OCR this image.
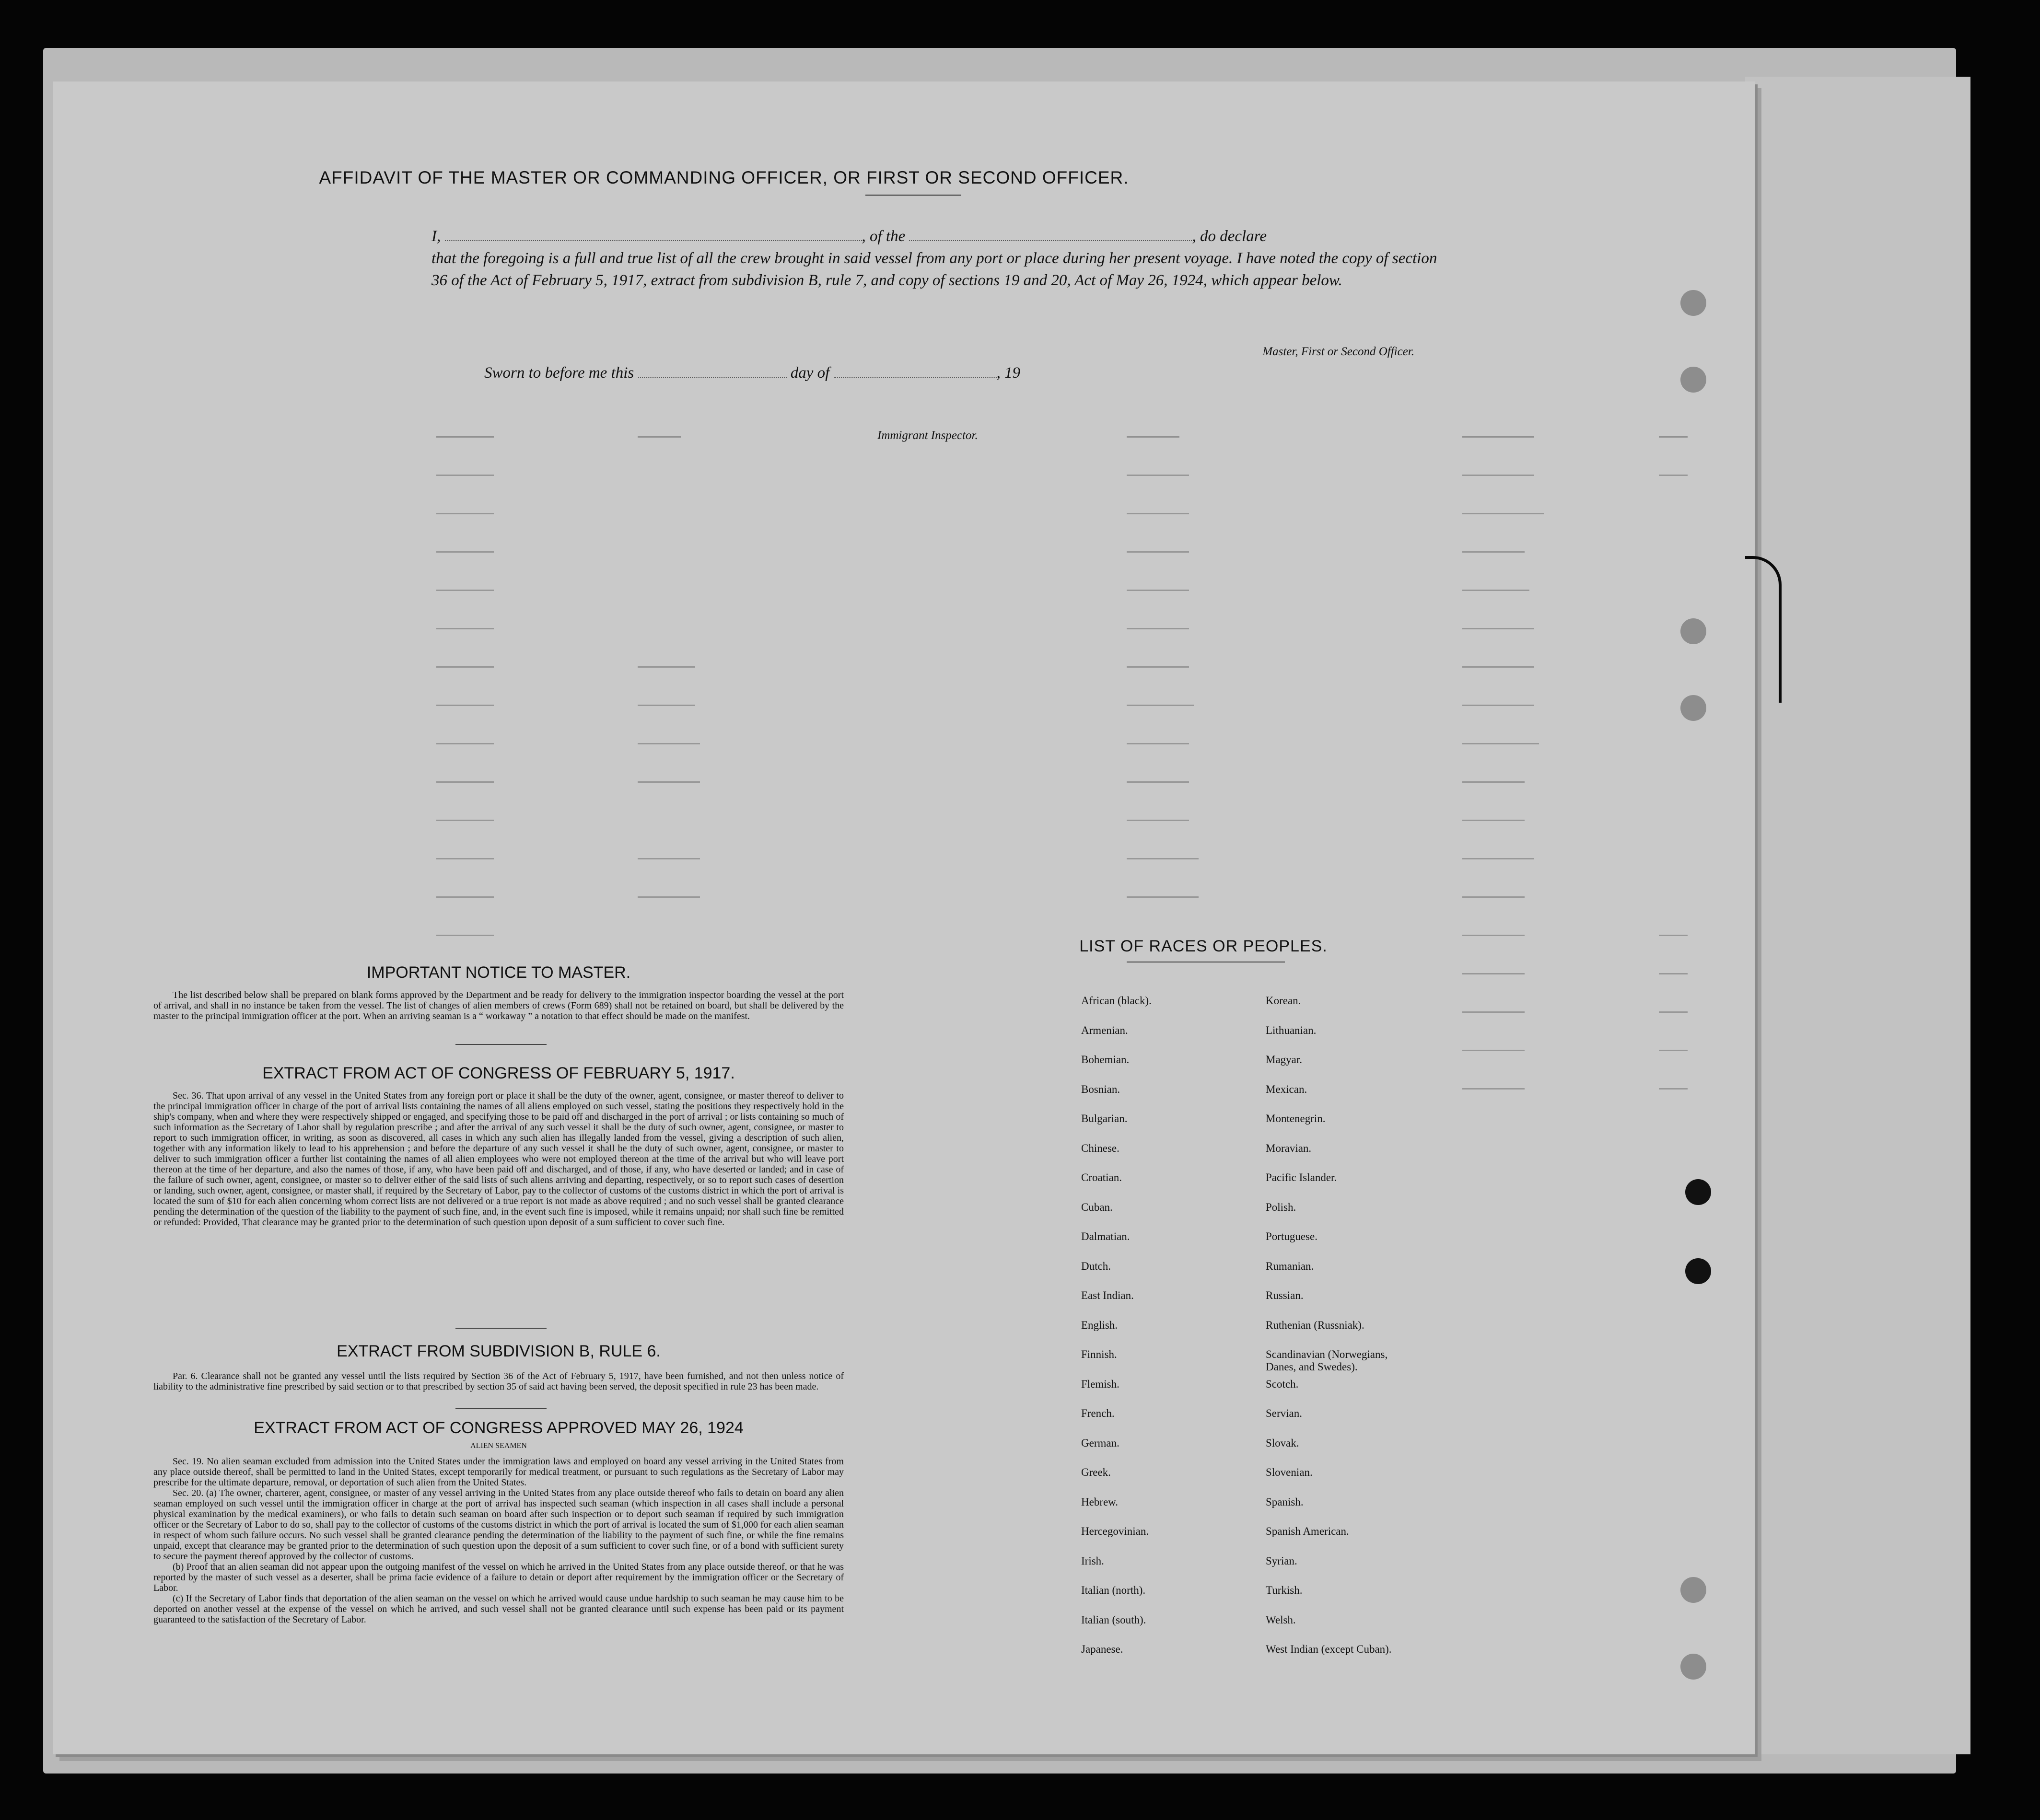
AFFIDAVIT OF THE MASTER OR COMMANDING OFFICER, OR FIRST OR SECOND OFFICER.
I,	, of the	, do declare
that the foregoing is a full and true list of all the crew brought in said vessel from any port or place during her present voyage. I have noted the copy of section 36 of the Act of February 5, 1917, extract from subdivision B, rule 7, and copy of sections 19 and 20, Act of May 26, 1924, which appear below.
Master, First or Second Officer.
Sworn to before me this	day of	, 19
Immigrant Inspector.
IMPORTANT NOTICE TO MASTER.

The list described below shall be prepared on blank forms approved by the Department and be ready for delivery to the immigration inspector boarding the vessel at the port of arrival, and shall in no instance be taken from the vessel. The list of changes of alien members of crews (Form 689) shall not be retained on board, but shall be delivered by the master to the principal immigration officer at the port. When an arriving seaman is a “ workaway ” a notation to that effect should be made on the manifest.

EXTRACT FROM ACT OF CONGRESS OF FEBRUARY 5, 1917.

Sec. 36. That upon arrival of any vessel in the United States from any foreign port or place it shall be the duty of the owner, agent, consignee, or master thereof to deliver to the principal immigration officer in charge of the port of arrival lists containing the names of all aliens employed on such vessel, stating the positions they respectively hold in the ship's company, when and where they were respectively shipped or engaged, and specifying those to be paid off and discharged in the port of arrival ; or lists containing so much of such information as the Secretary of Labor shall by regulation prescribe ; and after the arrival of any such vessel it shall be the duty of such owner, agent, consignee, or master to report to such immigration officer, in writing, as soon as discovered, all cases in which any such alien has illegally landed from the vessel, giving a description of such alien, together with any information likely to lead to his apprehension ; and before the departure of any such vessel it shall be the duty of such owner, agent, consignee, or master to deliver to such immigration officer a further list containing the names of all alien employees who were not employed thereon at the time of the arrival but who will leave port thereon at the time of her departure, and also the names of those, if any, who have been paid off and discharged, and of those, if any, who have deserted or landed; and in case of the failure of such owner, agent, consignee, or master so to deliver either of the said lists of such aliens arriving and departing, respectively, or so to report such cases of desertion or landing, such owner, agent, consignee, or master shall, if required by the Secretary of Labor, pay to the collector of customs of the customs district in which the port of arrival is located the sum of $10 for each alien concerning whom correct lists are not delivered or a true report is not made as above required ; and no such vessel shall be granted clearance pending the determination of the question of the liability to the payment of such fine, and, in the event such fine is imposed, while it remains unpaid; nor shall such fine be remitted or refunded: Provided, That clearance may be granted prior to the determination of such question upon deposit of a sum sufficient to cover such fine.

EXTRACT FROM SUBDIVISION B, RULE 6.

Par. 6. Clearance shall not be granted any vessel until the lists required by Section 36 of the Act of February 5, 1917, have been furnished, and not then unless notice of liability to the administrative fine prescribed by said section or to that prescribed by section 35 of said act having been served, the deposit specified in rule 23 has been made.

EXTRACT FROM ACT OF CONGRESS APPROVED MAY 26, 1924
ALIEN SEAMEN

Sec. 19. No alien seaman excluded from admission into the United States under the immigration laws and employed on board any vessel arriving in the United States from any place outside thereof, shall be permitted to land in the United States, except temporarily for medical treatment, or pursuant to such regulations as the Secretary of Labor may prescribe for the ultimate departure, removal, or deportation of such alien from the United States.

Sec. 20. (a) The owner, charterer, agent, consignee, or master of any vessel arriving in the United States from any place outside thereof who fails to detain on board any alien seaman employed on such vessel until the immigration officer in charge at the port of arrival has inspected such seaman (which inspection in all cases shall include a personal physical examination by the medical examiners), or who fails to detain such seaman on board after such inspection or to deport such seaman if required by such immigration officer or the Secretary of Labor to do so, shall pay to the collector of customs of the customs district in which the port of arrival is located the sum of $1,000 for each alien seaman in respect of whom such failure occurs. No such vessel shall be granted clearance pending the determination of the liability to the payment of such fine, or while the fine remains unpaid, except that clearance may be granted prior to the determination of such question upon the deposit of a sum sufficient to cover such fine, or of a bond with sufficient surety to secure the payment thereof approved by the collector of customs.

(b) Proof that an alien seaman did not appear upon the outgoing manifest of the vessel on which he arrived in the United States from any place outside thereof, or that he was reported by the master of such vessel as a deserter, shall be prima facie evidence of a failure to detain or deport after requirement by the immigration officer or the Secretary of Labor.

(c) If the Secretary of Labor finds that deportation of the alien seaman on the vessel on which he arrived would cause undue hardship to such seaman he may cause him to be deported on another vessel at the expense of the vessel on which he arrived, and such vessel shall not be granted clearance until such expense has been paid or its payment guaranteed to the satisfaction of the Secretary of Labor.

LIST OF RACES OR PEOPLES.
African (black).
Armenian.
Bohemian.
Bosnian.
Bulgarian.
Chinese.
Croatian.
Cuban.
Dalmatian.
Dutch.
East Indian.
English.
Finnish.
Flemish.
French.
German.
Greek.
Hebrew.
Hercegovinian.
Irish.
Italian (north).
Italian (south).
Japanese.
Korean.
Lithuanian.
Magyar.
Mexican.
Montenegrin.
Moravian.
Pacific Islander.
Polish.
Portuguese.
Rumanian.
Russian.
Ruthenian (Russniak).
Scandinavian (Norwegians, Danes, and Swedes).
Scotch.
Servian.
Slovak.
Slovenian.
Spanish.
Spanish American.
Syrian.
Turkish.
Welsh.
West Indian (except Cuban).
